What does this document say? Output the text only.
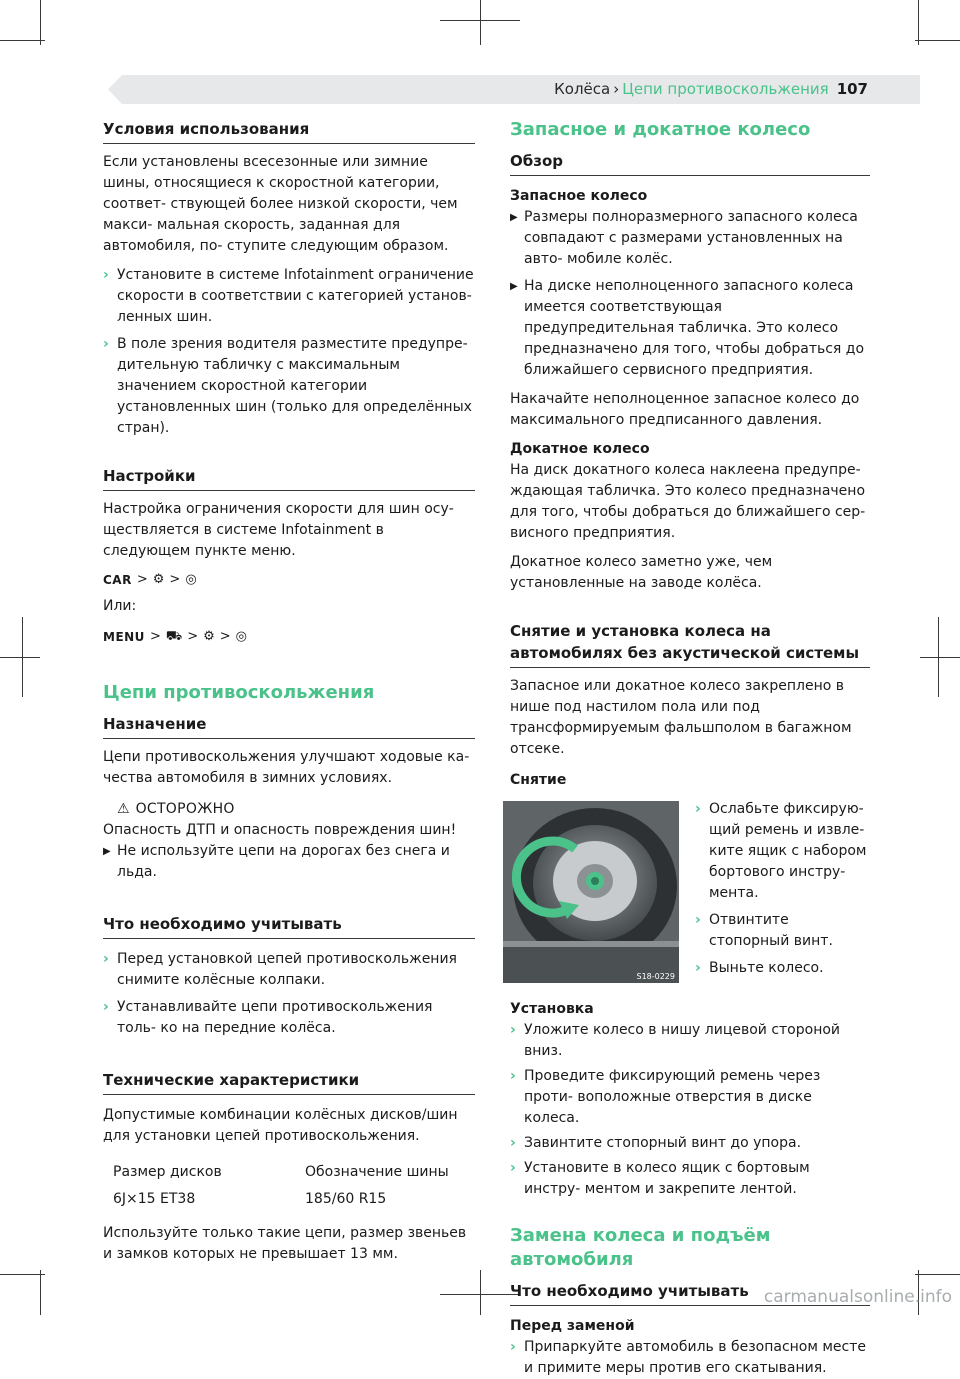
Колёса › Цепи противоскольжения 107
Условия использования

Если установлены всесезонные или зимние шины, относящиеся к скоростной категории, соответ- ствующей более низкой скорости, чем макси- мальная скорость, заданная для автомобиля, по- ступите следующим образом.

› Установите в системе Infotainment ограничение скорости в соответствии с категорией установ- ленных шин.
› В поле зрения водителя разместите предупре- дительную табличку с максимальным значением скоростной категории установленных шин (только для определённых стран).
Настройки

Настройка ограничения скорости для шин осу- ществляется в системе Infotainment в следующем пункте меню.

CAR > ⚙ > ◎

Или:

MENU > ⛟ > ⚙ > ◎
Цепи противоскольжения
Назначение

Цепи противоскольжения улучшают ходовые ка- чества автомобиля в зимних условиях.

⚠ ОСТОРОЖНО

Опасность ДТП и опасность повреждения шин!

▶ Не используйте цепи на дорогах без снега и льда.
Что необходимо учитывать
› Перед установкой цепей противоскольжения снимите колёсные колпаки.
› Устанавливайте цепи противоскольжения толь- ко на передние колёса.
Технические характеристики

Допустимые комбинации колёсных дисков/шин для установки цепей противоскольжения.

Размер дисков	Обозначение шины
6J×15 ET38	185/60 R15

Используйте только такие цепи, размер звеньев и замков которых не превышает 13 мм.

Запасное и докатное колесо
Обзор

Запасное колесо

▶ Размеры полноразмерного запасного колеса совпадают с размерами установленных на авто- мобиле колёс.
▶ На диске неполноценного запасного колеса имеется соответствующая предупредительная табличка. Это колесо предназначено для того, чтобы добраться до ближайшего сервисного предприятия.

Накачайте неполноценное запасное колесо до максимального предписанного давления.

Докатное колесо

На диск докатного колеса наклеена предупре- ждающая табличка. Это колесо предназначено для того, чтобы добраться до ближайшего сер- висного предприятия.

Докатное колесо заметно уже, чем установленные на заводе колёса.

Снятие и установка колеса на автомобилях без акустической системы

Запасное или докатное колесо закреплено в нише под настилом пола или под трансформируемым фальшполом в багажном отсеке.

Снятие

S18-0229
› Ослабьте фиксирую- щий ремень и извле- ките ящик с набором бортового инстру- мента.
› Отвинтите стопорный винт.
› Выньте колесо.

Установка

› Уложите колесо в нишу лицевой стороной вниз.
› Проведите фиксирующий ремень через проти- воположные отверстия в диске колеса.
› Завинтите стопорный винт до упора.
› Установите в колесо ящик с бортовым инстру- ментом и закрепите лентой.
Замена колеса и подъём автомобиля
Что необходимо учитывать

Перед заменой

› Припаркуйте автомобиль в безопасном месте и примите меры против его скатывания.
carmanualsonline.info
